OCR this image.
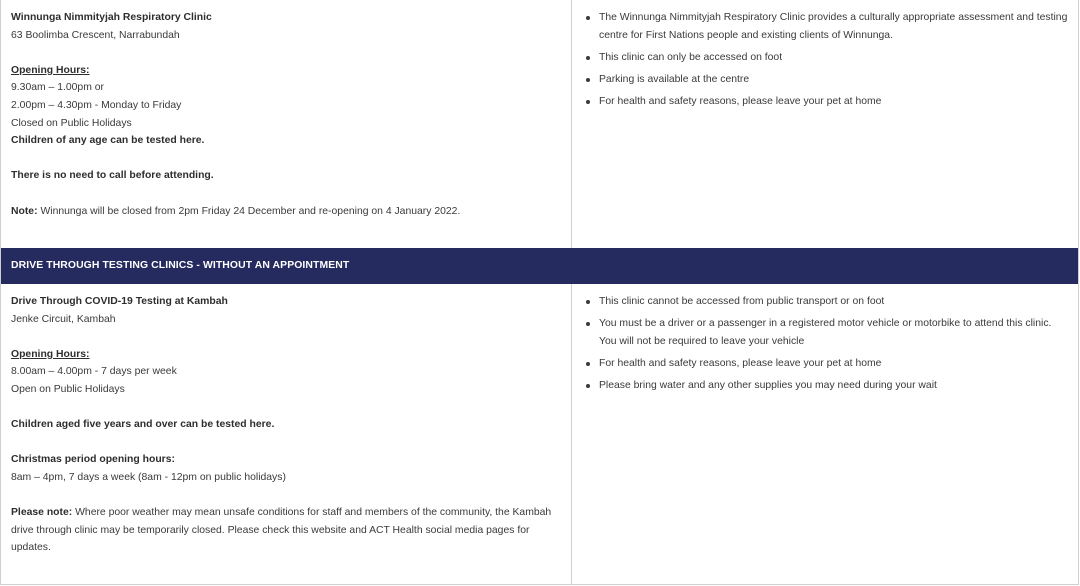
Winnunga Nimmityjah Respiratory Clinic

63 Boolimba Crescent, Narrabundah

Opening Hours:

9.30am – 1.00pm or

2.00pm – 4.30pm - Monday to Friday

Closed on Public Holidays

Children of any age can be tested here.

There is no need to call before attending.

Note: Winnunga will be closed from 2pm Friday 24 December and re-opening on 4 January 2022.

The Winnunga Nimmityjah Respiratory Clinic provides a culturally appropriate assessment and testing centre for First Nations people and existing clients of Winnunga.
This clinic can only be accessed on foot
Parking is available at the centre
For health and safety reasons, please leave your pet at home
DRIVE THROUGH TESTING CLINICS - WITHOUT AN APPOINTMENT

Drive Through COVID-19 Testing at Kambah

Jenke Circuit, Kambah

Opening Hours:

8.00am – 4.00pm - 7 days per week

Open on Public Holidays

Children aged five years and over can be tested here.

Christmas period opening hours:

8am – 4pm, 7 days a week (8am - 12pm on public holidays)

Please note: Where poor weather may mean unsafe conditions for staff and members of the community, the Kambah drive through clinic may be temporarily closed. Please check this website and ACT Health social media pages for updates.

This clinic cannot be accessed from public transport or on foot
You must be a driver or a passenger in a registered motor vehicle or motorbike to attend this clinic. You will not be required to leave your vehicle
For health and safety reasons, please leave your pet at home
Please bring water and any other supplies you may need during your wait
